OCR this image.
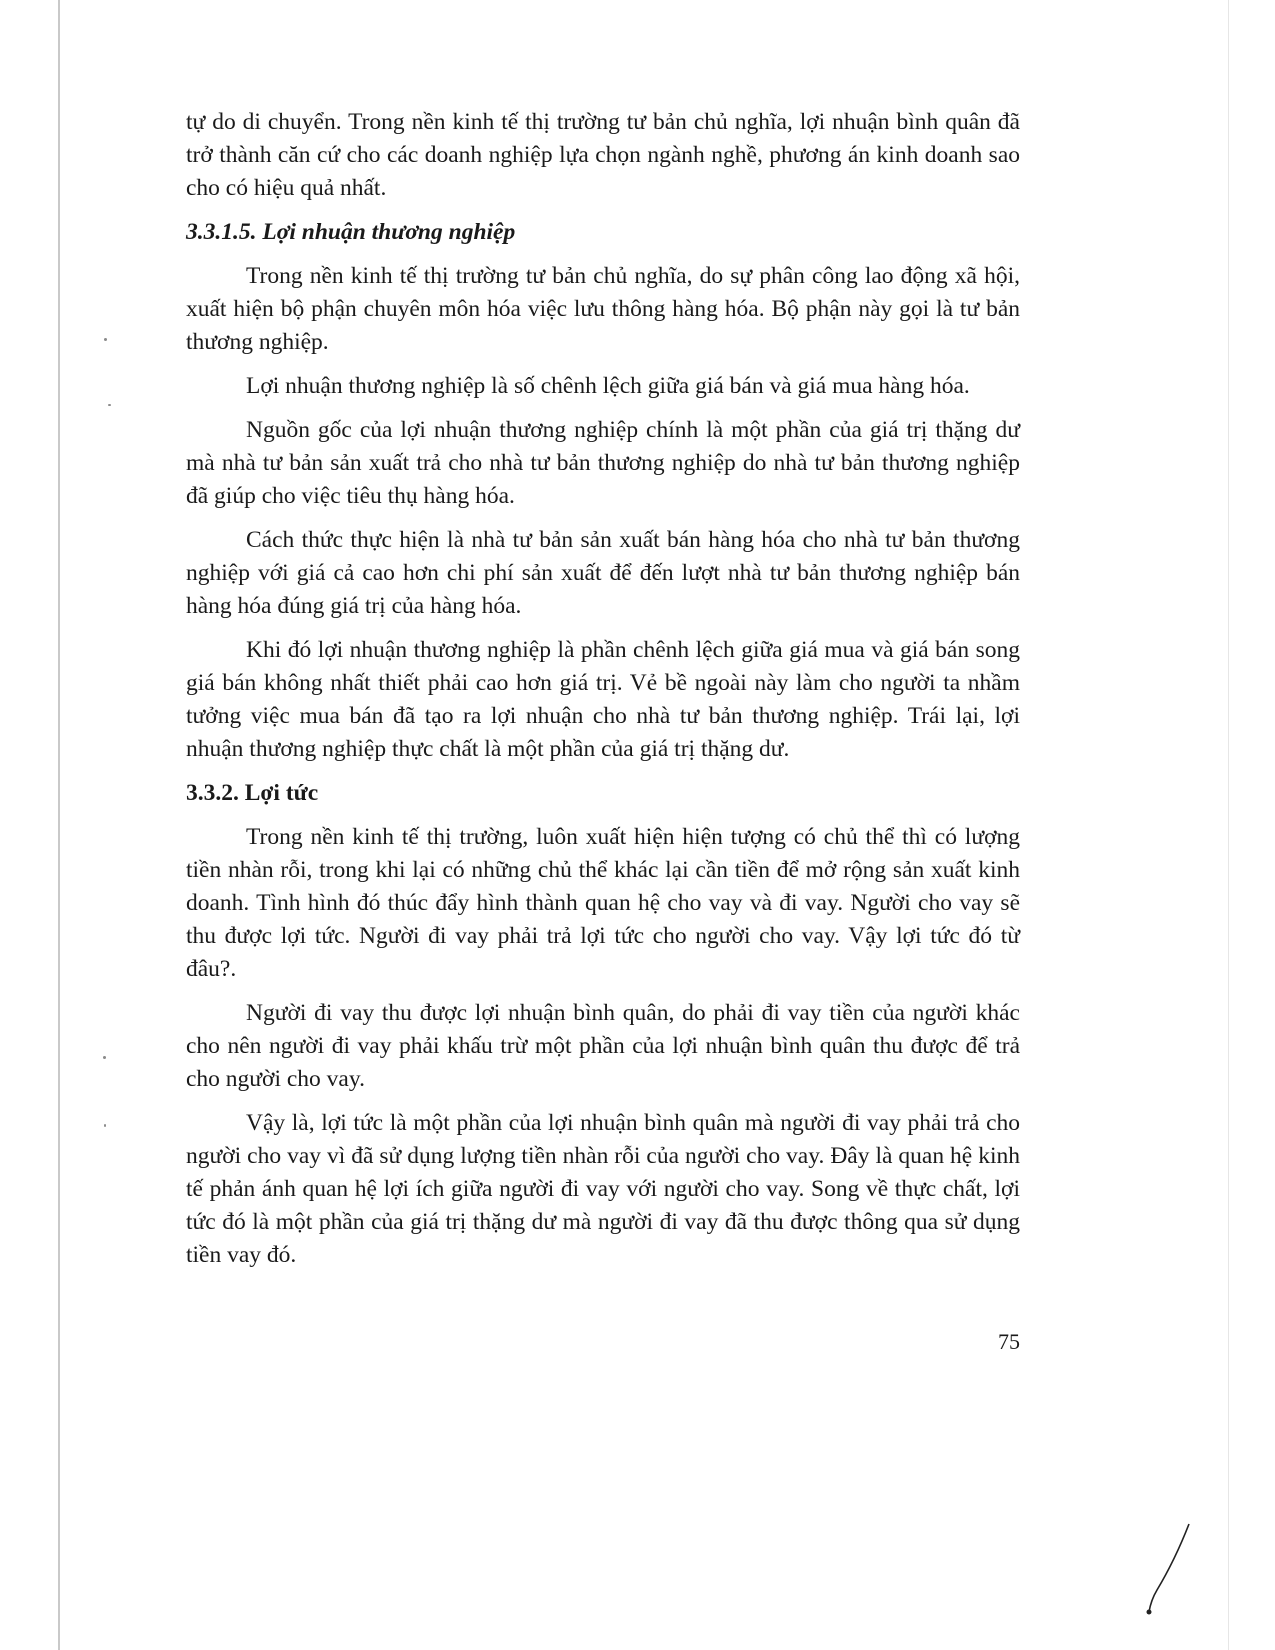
tự do di chuyển. Trong nền kinh tế thị trường tư bản chủ nghĩa, lợi nhuận bình quân đã trở thành căn cứ cho các doanh nghiệp lựa chọn ngành nghề, phương án kinh doanh sao cho có hiệu quả nhất.

3.3.1.5. Lợi nhuận thương nghiệp

Trong nền kinh tế thị trường tư bản chủ nghĩa, do sự phân công lao động xã hội, xuất hiện bộ phận chuyên môn hóa việc lưu thông hàng hóa. Bộ phận này gọi là tư bản thương nghiệp.

Lợi nhuận thương nghiệp là số chênh lệch giữa giá bán và giá mua hàng hóa.

Nguồn gốc của lợi nhuận thương nghiệp chính là một phần của giá trị thặng dư mà nhà tư bản sản xuất trả cho nhà tư bản thương nghiệp do nhà tư bản thương nghiệp đã giúp cho việc tiêu thụ hàng hóa.

Cách thức thực hiện là nhà tư bản sản xuất bán hàng hóa cho nhà tư bản thương nghiệp với giá cả cao hơn chi phí sản xuất để đến lượt nhà tư bản thương nghiệp bán hàng hóa đúng giá trị của hàng hóa.

Khi đó lợi nhuận thương nghiệp là phần chênh lệch giữa giá mua và giá bán song giá bán không nhất thiết phải cao hơn giá trị. Vẻ bề ngoài này làm cho người ta nhầm tưởng việc mua bán đã tạo ra lợi nhuận cho nhà tư bản thương nghiệp. Trái lại, lợi nhuận thương nghiệp thực chất là một phần của giá trị thặng dư.

3.3.2. Lợi tức

Trong nền kinh tế thị trường, luôn xuất hiện hiện tượng có chủ thể thì có lượng tiền nhàn rỗi, trong khi lại có những chủ thể khác lại cần tiền để mở rộng sản xuất kinh doanh. Tình hình đó thúc đẩy hình thành quan hệ cho vay và đi vay. Người cho vay sẽ thu được lợi tức. Người đi vay phải trả lợi tức cho người cho vay. Vậy lợi tức đó từ đâu?.

Người đi vay thu được lợi nhuận bình quân, do phải đi vay tiền của người khác cho nên người đi vay phải khấu trừ một phần của lợi nhuận bình quân thu được để trả cho người cho vay.

Vậy là, lợi tức là một phần của lợi nhuận bình quân mà người đi vay phải trả cho người cho vay vì đã sử dụng lượng tiền nhàn rỗi của người cho vay. Đây là quan hệ kinh tế phản ánh quan hệ lợi ích giữa người đi vay với người cho vay. Song về thực chất, lợi tức đó là một phần của giá trị thặng dư mà người đi vay đã thu được thông qua sử dụng tiền vay đó.

75
